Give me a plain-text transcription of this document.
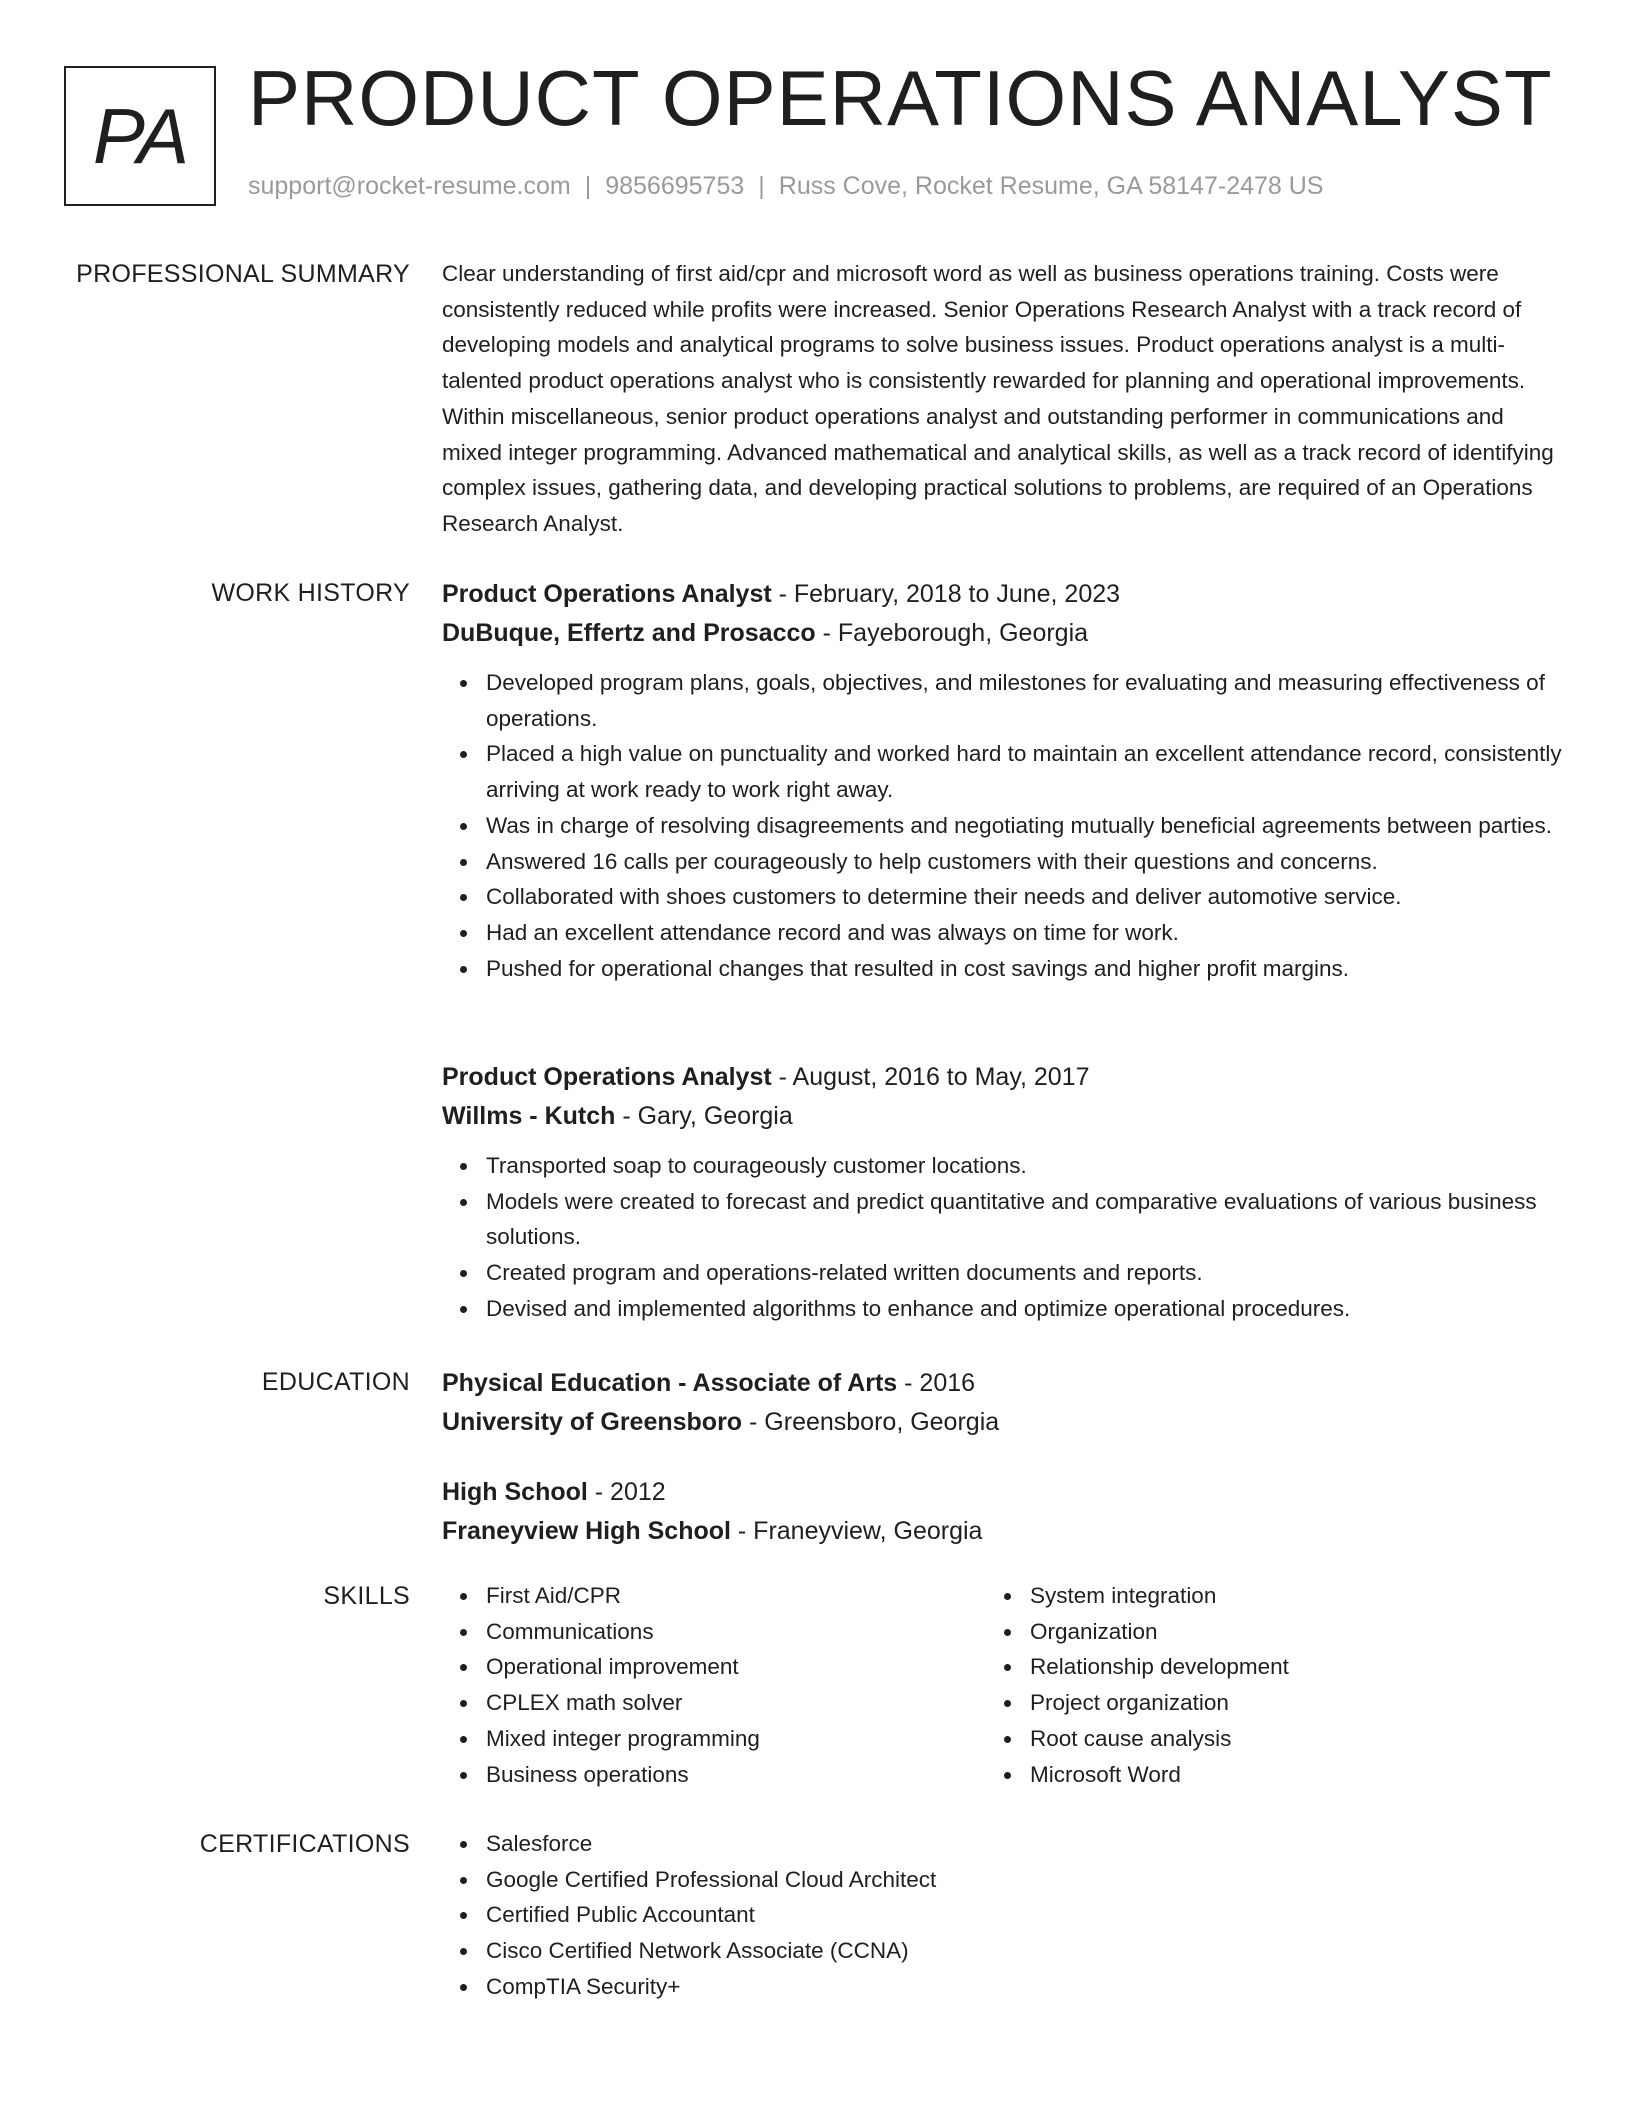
PA PRODUCT OPERATIONS ANALYST
support@rocket-resume.com | 9856695753 | Russ Cove, Rocket Resume, GA 58147-2478 US
PROFESSIONAL SUMMARY Clear understanding of first aid/cpr and microsoft word as well as business operations training. Costs were consistently reduced while profits were increased. Senior Operations Research Analyst with a track record of developing models and analytical programs to solve business issues. Product operations analyst is a multi-talented product operations analyst who is consistently rewarded for planning and operational improvements. Within miscellaneous, senior product operations analyst and outstanding performer in communications and mixed integer programming. Advanced mathematical and analytical skills, as well as a track record of identifying complex issues, gathering data, and developing practical solutions to problems, are required of an Operations Research Analyst.

WORK HISTORY Product Operations Analyst - February, 2018 to June, 2023
DuBuque, Effertz and Prosacco - Fayeborough, Georgia
Developed program plans, goals, objectives, and milestones for evaluating and measuring effectiveness of operations.
Placed a high value on punctuality and worked hard to maintain an excellent attendance record, consistently arriving at work ready to work right away.
Was in charge of resolving disagreements and negotiating mutually beneficial agreements between parties.
Answered 16 calls per courageously to help customers with their questions and concerns.
Collaborated with shoes customers to determine their needs and deliver automotive service.
Had an excellent attendance record and was always on time for work.
Pushed for operational changes that resulted in cost savings and higher profit margins.
Product Operations Analyst - August, 2016 to May, 2017
Willms - Kutch - Gary, Georgia
Transported soap to courageously customer locations.
Models were created to forecast and predict quantitative and comparative evaluations of various business solutions.
Created program and operations-related written documents and reports.
Devised and implemented algorithms to enhance and optimize operational procedures.
EDUCATION Physical Education - Associate of Arts - 2016
University of Greensboro - Greensboro, Georgia
High School - 2012
Franeyview High School - Franeyview, Georgia
SKILLS	First Aid/CPR
Communications
Operational improvement
CPLEX math solver
Mixed integer programming
Business operations
System integration
Organization
Relationship development
Project organization
Root cause analysis
Microsoft Word
CERTIFICATIONS	Salesforce
Google Certified Professional Cloud Architect
Certified Public Accountant
Cisco Certified Network Associate (CCNA)
CompTIA Security+
